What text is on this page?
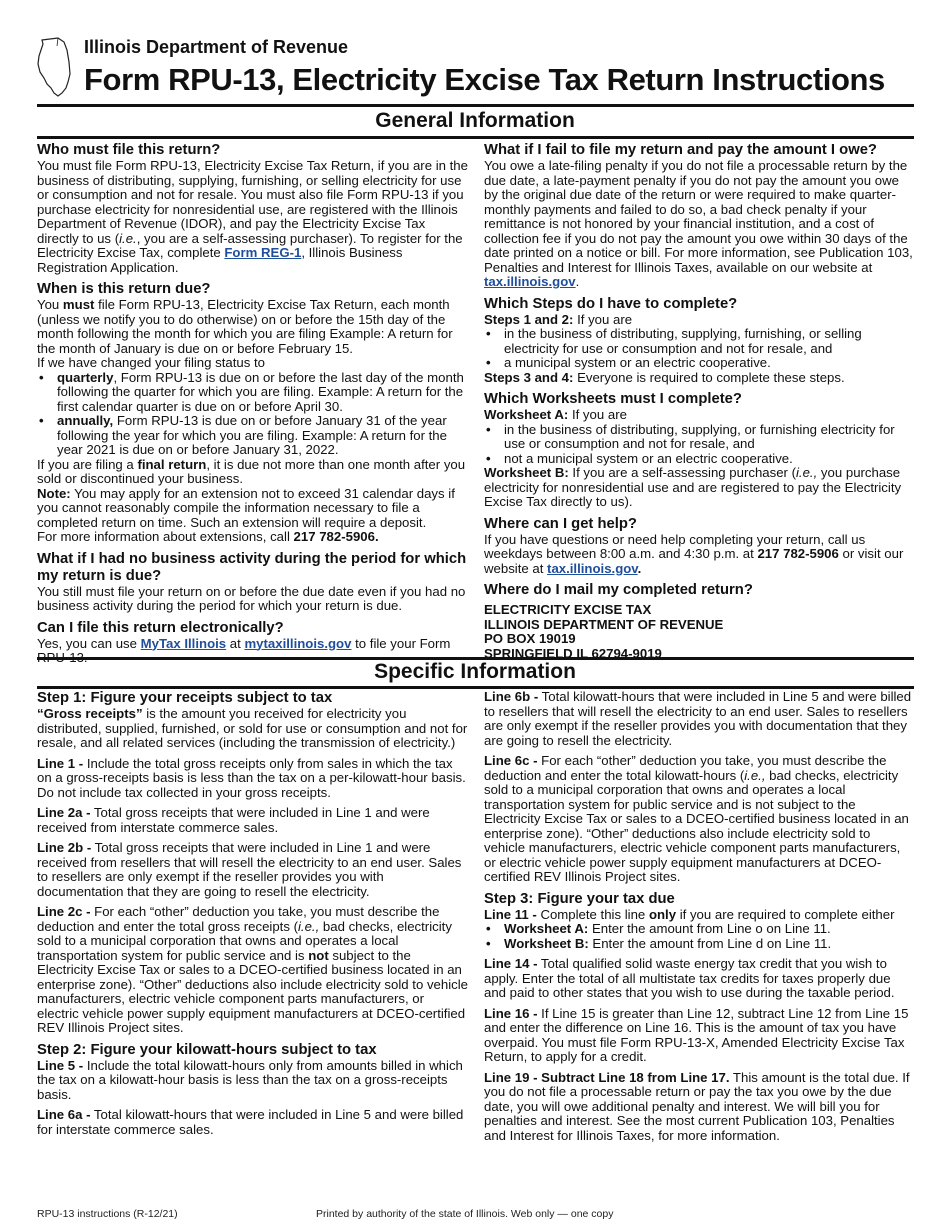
Illinois Department of Revenue
Form RPU-13, Electricity Excise Tax Return Instructions
General Information
Who must file this return?

You must file Form RPU-13, Electricity Excise Tax Return, if you are in the business of distributing, supplying, furnishing, or selling electricity for use or consumption and not for resale. You must also file Form RPU-13 if you purchase electricity for nonresidential use, are registered with the Illinois Department of Revenue (IDOR), and pay the Electricity Excise Tax directly to us (i.e., you are a self-assessing purchaser). To register for the Electricity Excise Tax, complete Form REG-1, Illinois Business Registration Application.

When is this return due?

You must file Form RPU-13, Electricity Excise Tax Return, each month (unless we notify you to do otherwise) on or before the 15th day of the month following the month for which you are filing Example: A return for the month of January is due on or before February 15.

If we have changed your filing status to

• quarterly, Form RPU-13 is due on or before the last day of the month following the quarter for which you are filing. Example: A return for the first calendar quarter is due on or before April 30.
• annually, Form RPU-13 is due on or before January 31 of the year following the year for which you are filing. Example: A return for the year 2021 is due on or before January 31, 2022.

If you are filing a final return, it is due not more than one month after you sold or discontinued your business.

Note: You may apply for an extension not to exceed 31 calendar days if you cannot reasonably compile the information necessary to file a completed return on time. Such an extension will require a deposit.

For more information about extensions, call 217 782-5906.

What if I had no business activity during the period for which my return is due?

You still must file your return on or before the due date even if you had no business activity during the period for which your return is due.

Can I file this return electronically?

Yes, you can use MyTax Illinois at mytaxillinois.gov to file your Form RPU-13.

What if I fail to file my return and pay the amount I owe?

You owe a late-filing penalty if you do not file a processable return by the due date, a late-payment penalty if you do not pay the amount you owe by the original due date of the return or were required to make quarter-monthly payments and failed to do so, a bad check penalty if your remittance is not honored by your financial institution, and a cost of collection fee if you do not pay the amount you owe within 30 days of the date printed on a notice or bill. For more information, see Publication 103, Penalties and Interest for Illinois Taxes, available on our website at tax.illinois.gov.

Which Steps do I have to complete?

Steps 1 and 2: If you are

• in the business of distributing, supplying, furnishing, or selling electricity for use or consumption and not for resale, and
• a municipal system or an electric cooperative.

Steps 3 and 4: Everyone is required to complete these steps.

Which Worksheets must I complete?

Worksheet A: If you are

• in the business of distributing, supplying, or furnishing electricity for use or consumption and not for resale, and
• not a municipal system or an electric cooperative.

Worksheet B: If you are a self-assessing purchaser (i.e., you purchase electricity for nonresidential use and are registered to pay the Electricity Excise Tax directly to us).

Where can I get help?

If you have questions or need help completing your return, call us weekdays between 8:00 a.m. and 4:30 p.m. at 217 782-5906 or visit our website at tax.illinois.gov.

Where do I mail my completed return?

ELECTRICITY EXCISE TAX

ILLINOIS DEPARTMENT OF REVENUE

PO BOX 19019

SPRINGFIELD IL 62794-9019

Specific Information
Step 1: Figure your receipts subject to tax

“Gross receipts” is the amount you received for electricity you distributed, supplied, furnished, or sold for use or consumption and not for resale, and all related services (including the transmission of electricity.)

Line 1 - Include the total gross receipts only from sales in which the tax on a gross-receipts basis is less than the tax on a per-kilowatt-hour basis. Do not include tax collected in your gross receipts.

Line 2a - Total gross receipts that were included in Line 1 and were received from interstate commerce sales.

Line 2b - Total gross receipts that were included in Line 1 and were received from resellers that will resell the electricity to an end user. Sales to resellers are only exempt if the reseller provides you with documentation that they are going to resell the electricity.

Line 2c - For each “other” deduction you take, you must describe the deduction and enter the total gross receipts (i.e., bad checks, electricity sold to a municipal corporation that owns and operates a local transportation system for public service and is not subject to the Electricity Excise Tax or sales to a DCEO-certified business located in an enterprise zone). “Other” deductions also include electricity sold to vehicle manufacturers, electric vehicle component parts manufacturers, or electric vehicle power supply equipment manufacturers at DCEO-certified REV Illinois Project sites.

Step 2: Figure your kilowatt-hours subject to tax

Line 5 - Include the total kilowatt-hours only from amounts billed in which the tax on a kilowatt-hour basis is less than the tax on a gross-receipts basis.

Line 6a - Total kilowatt-hours that were included in Line 5 and were billed for interstate commerce sales.

Line 6b - Total kilowatt-hours that were included in Line 5 and were billed to resellers that will resell the electricity to an end user. Sales to resellers are only exempt if the reseller provides you with documentation that they are going to resell the electricity.

Line 6c - For each “other” deduction you take, you must describe the deduction and enter the total kilowatt-hours (i.e., bad checks, electricity sold to a municipal corporation that owns and operates a local transportation system for public service and is not subject to the Electricity Excise Tax or sales to a DCEO-certified business located in an enterprise zone). “Other” deductions also include electricity sold to vehicle manufacturers, electric vehicle component parts manufacturers, or electric vehicle power supply equipment manufacturers at DCEO-certified REV Illinois Project sites.

Step 3: Figure your tax due

Line 11 - Complete this line only if you are required to complete either

• Worksheet A: Enter the amount from Line o on Line 11.
• Worksheet B: Enter the amount from Line d on Line 11.

Line 14 - Total qualified solid waste energy tax credit that you wish to apply. Enter the total of all multistate tax credits for taxes properly due and paid to other states that you wish to use during the taxable period.

Line 16 - If Line 15 is greater than Line 12, subtract Line 12 from Line 15 and enter the difference on Line 16. This is the amount of tax you have overpaid. You must file Form RPU-13-X, Amended Electricity Excise Tax Return, to apply for a credit.

Line 19 - Subtract Line 18 from Line 17. This amount is the total due. If you do not file a processable return or pay the tax you owe by the due date, you will owe additional penalty and interest. We will bill you for penalties and interest. See the most current Publication 103, Penalties and Interest for Illinois Taxes, for more information.

RPU-13 instructions (R-12/21)	Printed by authority of the state of Illinois. Web only — one copy
